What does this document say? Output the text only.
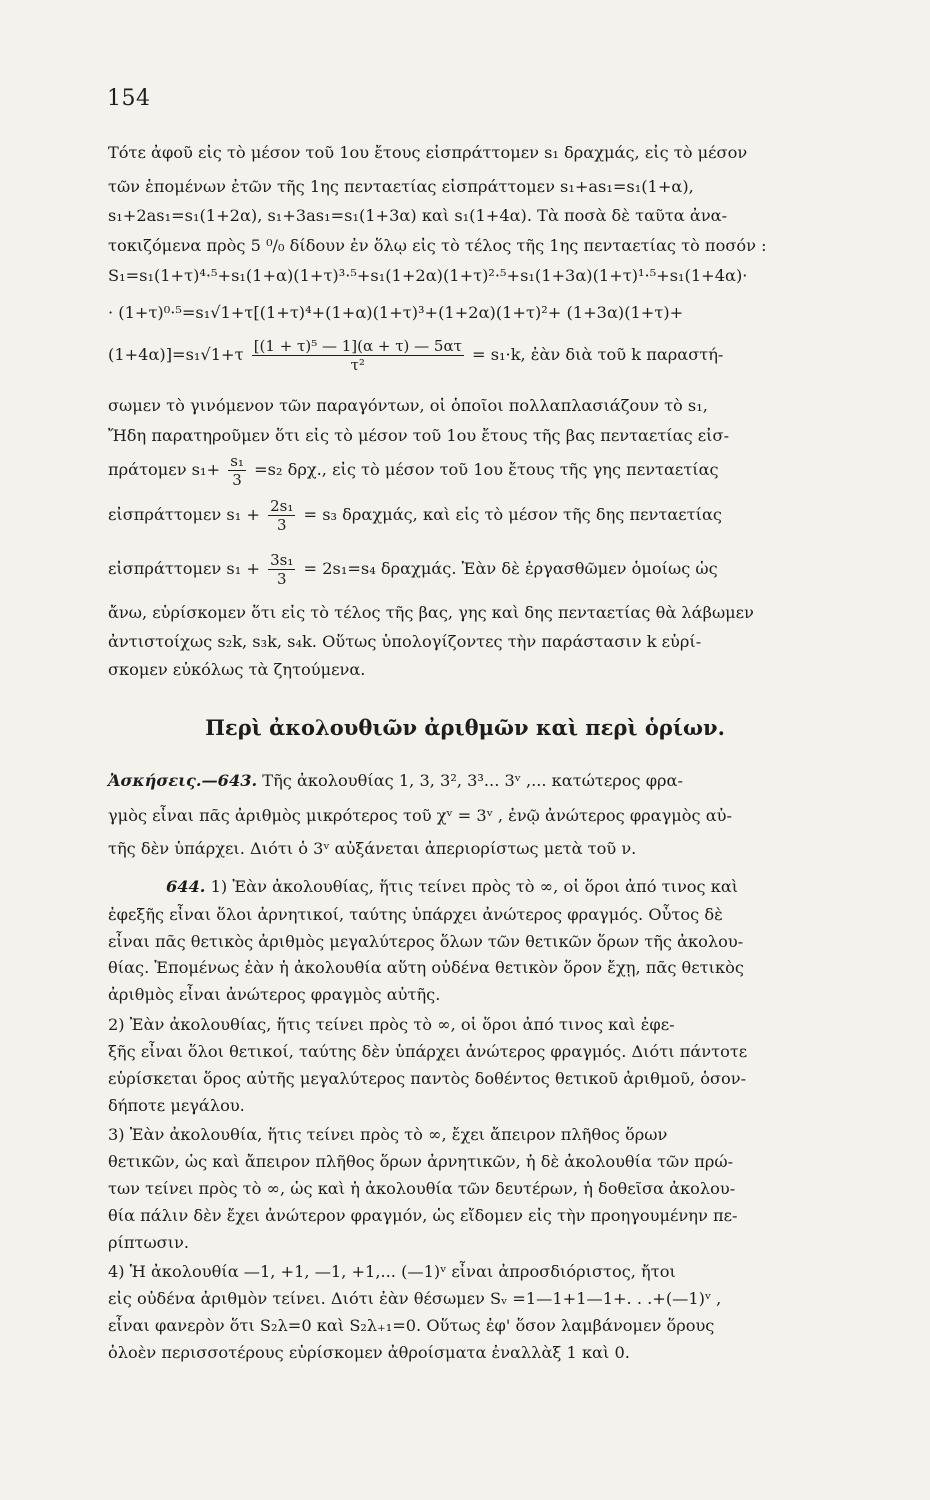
154
Τότε ἀφοῦ εἰς τὸ μέσον τοῦ 1ου ἔτους εἰσπράττομεν s₁ δραχμάς, εἰς τὸ μέσον
τῶν ἑπομένων ἐτῶν τῆς 1ης πενταετίας εἰσπράττομεν s₁+as₁=s₁(1+α),
s₁+2as₁=s₁(1+2α), s₁+3as₁=s₁(1+3α) καὶ s₁(1+4α). Τὰ ποσὰ δὲ ταῦτα ἀνα-
τοκιζόμενα πρὸς 5 ⁰/₀ δίδουν ἐν ὅλῳ εἰς τὸ τέλος τῆς 1ης πενταετίας τὸ ποσόν :
S₁=s₁(1+τ)⁴·⁵+s₁(1+α)(1+τ)³·⁵+s₁(1+2α)(1+τ)²·⁵+s₁(1+3α)(1+τ)¹·⁵+s₁(1+4α)·
· (1+τ)⁰·⁵=s₁√1+τ[(1+τ)⁴+(1+α)(1+τ)³+(1+2α)(1+τ)²+ (1+3α)(1+τ)+
$(1+4\alpha)]=s_1√1+\tau \frac{\text{[(1 + τ)⁵ — 1](α + τ) — 5ατ}}{\text{τ²}} = s_1\cdot k$, ἐὰν διὰ τοῦ k παραστή-
σωμεν τὸ γινόμενον τῶν παραγόντων, οἱ ὁποῖοι πολλαπλασιάζουν τὸ s₁,
Ἤδη παρατηροῦμεν ὅτι εἰς τὸ μέσον τοῦ 1ου ἔτους τῆς βας πενταετίας εἰσ-
πράτομεν $s_1+ \frac{\text{s₁}}{3} =s_2$ δρχ., εἰς τὸ μέσον τοῦ 1ου ἔτους τῆς γης πενταετίας
εἰσπράττομεν $s_1 + \frac{\text{2s₁}}{3} = s_3$ δραχμάς, καὶ εἰς τὸ μέσον τῆς δης πενταετίας
εἰσπράττομεν $s_1 + \frac{\text{3s₁}}{3} = 2s_1=s_4$ δραχμάς. Ἐὰν δὲ ἐργασθῶμεν ὁμοίως ὡς
ἄνω, εὑρίσκομεν ὅτι εἰς τὸ τέλος τῆς βας, γης καὶ δης πενταετίας θὰ λάβωμεν
ἀντιστοίχως s₂k, s₃k, s₄k. Οὕτως ὑπολογίζοντες τὴν παράστασιν k εὑρί-
σκομεν εὐκόλως τὰ ζητούμενα.
Περὶ ἀκολουθιῶν ἀριθμῶν καὶ περὶ ὁρίων.
Ἀσκήσεις.—643. Τῆς ἀκολουθίας 1, 3, 3², 3³... 3ᵛ ,... κατώτερος φρα-
γμὸς εἶναι πᾶς ἀριθμὸς μικρότερος τοῦ χᵛ = 3ᵛ , ἐνῷ ἀνώτερος φραγμὸς αὐ-
τῆς δὲν ὑπάρχει. Διότι ὁ 3ᵛ αὐξάνεται ἀπεριορίστως μετὰ τοῦ ν.
644. 1) Ἐὰν ἀκολουθίας, ἥτις τείνει πρὸς τὸ ∞, οἱ ὅροι ἀπό τινος καὶ
ἐφεξῆς εἶναι ὅλοι ἀρνητικοί, ταύτης ὑπάρχει ἀνώτερος φραγμός. Οὗτος δὲ
εἶναι πᾶς θετικὸς ἀριθμὸς μεγαλύτερος ὅλων τῶν θετικῶν ὅρων τῆς ἀκολου-
θίας. Ἑπομένως ἐὰν ἡ ἀκολουθία αὕτη οὐδένα θετικὸν ὅρον ἔχῃ, πᾶς θετικὸς
ἀριθμὸς εἶναι ἀνώτερος φραγμὸς αὐτῆς.
2) Ἐὰν ἀκολουθίας, ἥτις τείνει πρὸς τὸ ∞, οἱ ὅροι ἀπό τινος καὶ ἐφε-
ξῆς εἶναι ὅλοι θετικοί, ταύτης δὲν ὑπάρχει ἀνώτερος φραγμός. Διότι πάντοτε
εὑρίσκεται ὅρος αὐτῆς μεγαλύτερος παντὸς δοθέντος θετικοῦ ἀριθμοῦ, ὁσον-
δήποτε μεγάλου.
3) Ἐὰν ἀκολουθία, ἥτις τείνει πρὸς τὸ ∞, ἔχει ἄπειρον πλῆθος ὅρων
θετικῶν, ὡς καὶ ἄπειρον πλῆθος ὅρων ἀρνητικῶν, ἡ δὲ ἀκολουθία τῶν πρώ-
των τείνει πρὸς τὸ ∞, ὡς καὶ ἡ ἀκολουθία τῶν δευτέρων, ἡ δοθεῖσα ἀκολου-
θία πάλιν δὲν ἔχει ἀνώτερον φραγμόν, ὡς εἴδομεν εἰς τὴν προηγουμένην πε-
ρίπτωσιν.
4) Ἡ ἀκολουθία —1, +1, —1, +1,... (—1)ᵛ εἶναι ἀπροσδιόριστος, ἤτοι
εἰς οὐδένα ἀριθμὸν τείνει. Διότι ἐὰν θέσωμεν Sᵥ =1—1+1—1+. . .+(—1)ᵛ ,
εἶναι φανερὸν ὅτι S₂λ=0 καὶ S₂λ₊₁=0. Οὕτως ἐφ' ὅσον λαμβάνομεν ὅρους
ὁλοὲν περισσοτέρους εὑρίσκομεν ἀθροίσματα ἐναλλὰξ 1 καὶ 0.
